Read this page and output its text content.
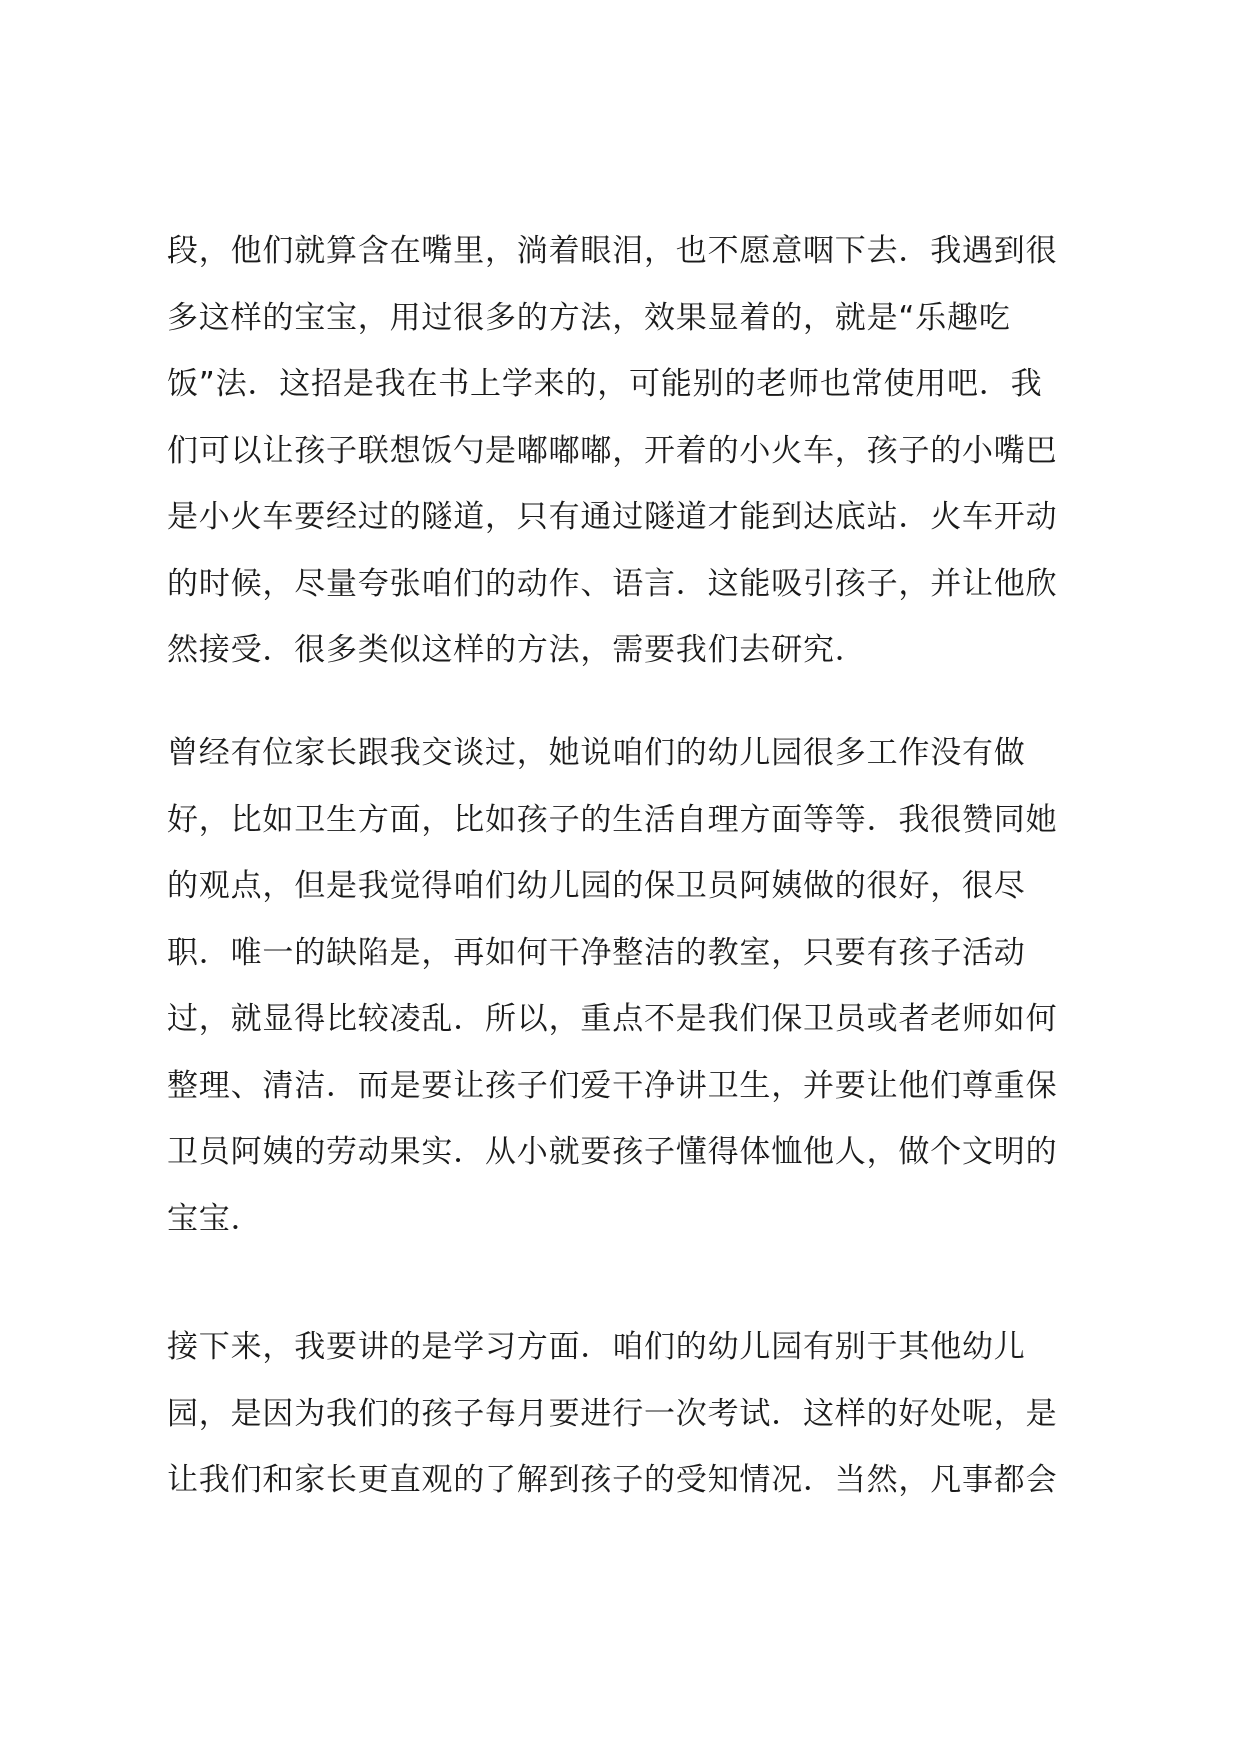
段，他们就算含在嘴里，淌着眼泪，也不愿意咽下去．我遇到很
多这样的宝宝，用过很多的方法，效果显着的，就是“乐趣吃
饭”法．这招是我在书上学来的，可能别的老师也常使用吧．我
们可以让孩子联想饭勺是嘟嘟嘟，开着的小火车，孩子的小嘴巴
是小火车要经过的隧道，只有通过隧道才能到达底站．火车开动
的时候，尽量夸张咱们的动作、语言．这能吸引孩子，并让他欣
然接受．很多类似这样的方法，需要我们去研究．
曾经有位家长跟我交谈过，她说咱们的幼儿园很多工作没有做
好，比如卫生方面，比如孩子的生活自理方面等等．我很赞同她
的观点，但是我觉得咱们幼儿园的保卫员阿姨做的很好，很尽
职．唯一的缺陷是，再如何干净整洁的教室，只要有孩子活动
过，就显得比较凌乱．所以，重点不是我们保卫员或者老师如何
整理、清洁．而是要让孩子们爱干净讲卫生，并要让他们尊重保
卫员阿姨的劳动果实．从小就要孩子懂得体恤他人，做个文明的
宝宝．
接下来，我要讲的是学习方面．咱们的幼儿园有别于其他幼儿
园，是因为我们的孩子每月要进行一次考试．这样的好处呢，是
让我们和家长更直观的了解到孩子的受知情况．当然，凡事都会
